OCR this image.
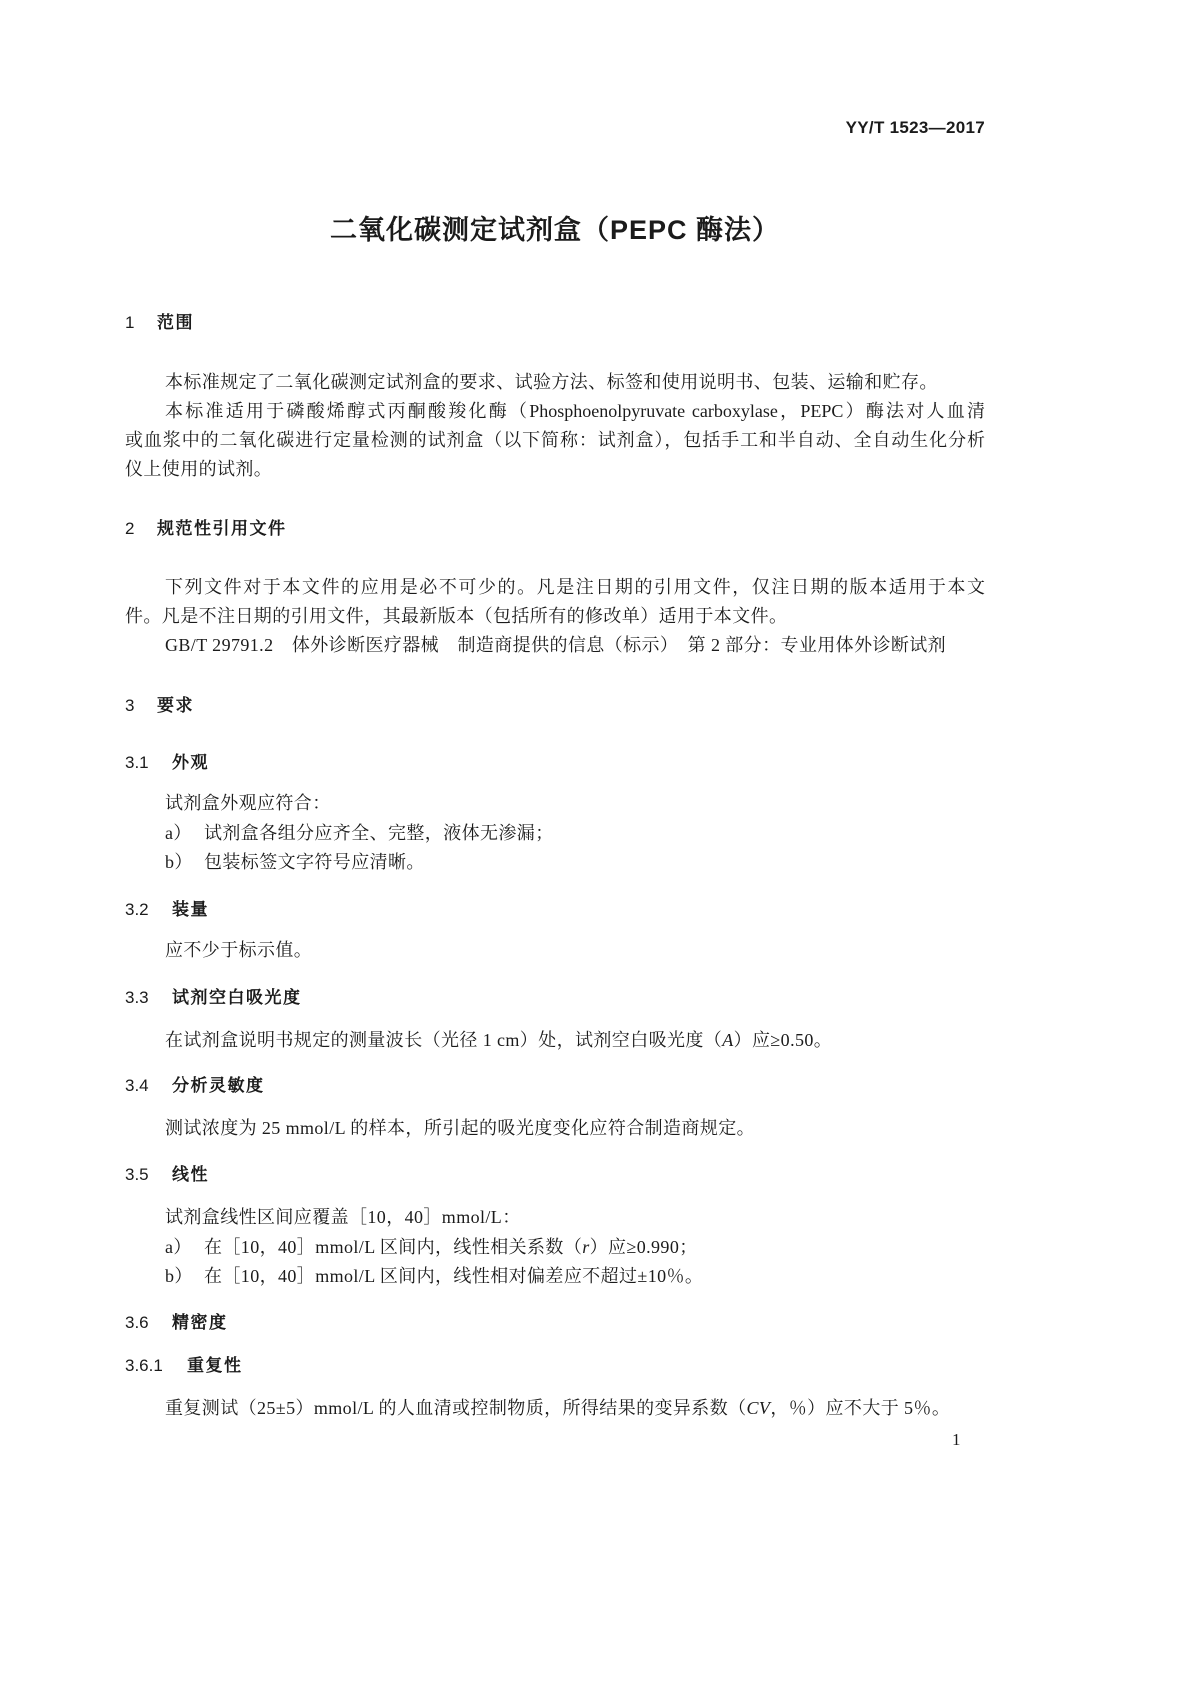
YY/T 1523—2017
二氧化碳测定试剂盒（PEPC 酶法）
1 范围
本标准规定了二氧化碳测定试剂盒的要求、试验方法、标签和使用说明书、包装、运输和贮存。
本标准适用于磷酸烯醇式丙酮酸羧化酶（Phosphoenolpyruvate carboxylase，PEPC）酶法对人血清
或血浆中的二氧化碳进行定量检测的试剂盒（以下简称：试剂盒），包括手工和半自动、全自动生化分析
仪上使用的试剂。
2 规范性引用文件
下列文件对于本文件的应用是必不可少的。凡是注日期的引用文件，仅注日期的版本适用于本文
件。凡是不注日期的引用文件，其最新版本（包括所有的修改单）适用于本文件。
GB/T 29791.2　体外诊断医疗器械　制造商提供的信息（标示）　第 2 部分：专业用体外诊断试剂
3 要求
3.1 外观
试剂盒外观应符合：
a） 试剂盒各组分应齐全、完整，液体无渗漏；
b） 包装标签文字符号应清晰。
3.2 装量
应不少于标示值。
3.3 试剂空白吸光度
在试剂盒说明书规定的测量波长（光径 1 cm）处，试剂空白吸光度（A）应≥0.50。
3.4 分析灵敏度
测试浓度为 25 mmol/L 的样本，所引起的吸光度变化应符合制造商规定。
3.5 线性
试剂盒线性区间应覆盖［10，40］mmol/L：
a） 在［10，40］mmol/L 区间内，线性相关系数（r）应≥0.990；
b） 在［10，40］mmol/L 区间内，线性相对偏差应不超过±10％。
3.6 精密度
3.6.1 重复性
重复测试（25±5）mmol/L 的人血清或控制物质，所得结果的变异系数（CV，％）应不大于 5％。
1
